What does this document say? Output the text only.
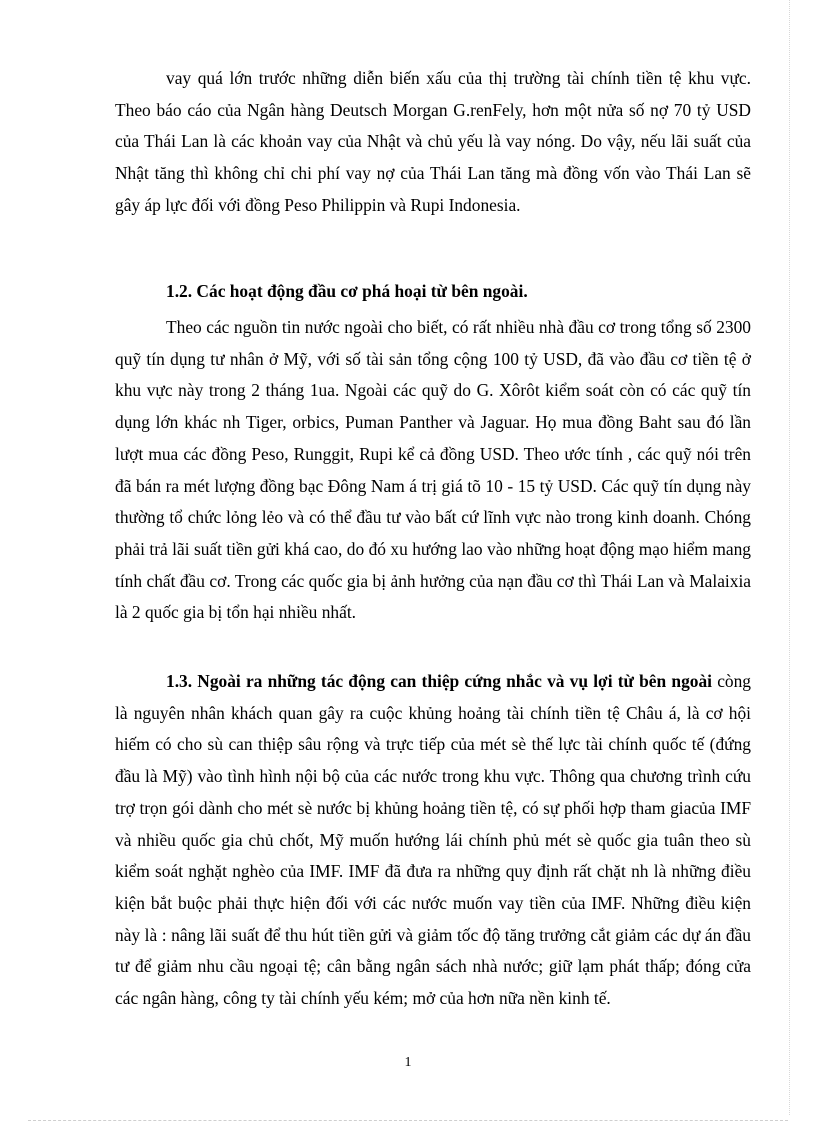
vay quá lớn trước những diễn biến xấu của thị trường tài chính tiền tệ khu vực. Theo báo cáo của Ngân hàng Deutsch Morgan G.renFely, hơn một nửa số nợ 70 tỷ USD của Thái Lan là các khoản vay của Nhật và chủ yếu là vay nóng. Do vậy, nếu lãi suất của Nhật tăng thì không chỉ chi phí vay nợ của Thái Lan tăng mà đồng vốn vào Thái Lan sẽ gây áp lực đối với đồng Peso Philippin và Rupi Indonesia.
1.2. Các hoạt động đầu cơ phá hoại từ bên ngoài.
Theo các nguồn tin nước ngoài cho biết, có rất nhiều nhà đầu cơ trong tổng số 2300 quỹ tín dụng tư nhân ở Mỹ, với số tài sản tổng cộng 100 tỷ USD, đã vào đầu cơ tiền tệ ở khu vực này trong 2 tháng 1ua. Ngoài các quỹ do G. Xôrôt kiểm soát còn có các quỹ tín dụng lớn khác nh Tiger, orbics, Puman Panther và Jaguar. Họ mua đồng Baht sau đó lần lượt mua các đồng Peso, Runggit, Rupi kể cả đồng USD. Theo ước tính , các quỹ nói trên đã bán ra mét lượng đồng bạc Đông Nam á trị giá tõ 10 - 15 tỷ USD. Các quỹ tín dụng này thường tổ chức lỏng lẻo và có thể đầu tư vào bất cứ lĩnh vực nào trong kinh doanh. Chóng phải trả lãi suất tiền gửi khá cao, do đó xu hướng lao vào những hoạt động mạo hiểm mang tính chất đầu cơ. Trong các quốc gia bị ảnh hưởng của nạn đầu cơ thì Thái Lan và Malaixia là 2 quốc gia bị tổn hại nhiều nhất.
1.3. Ngoài ra những tác động can thiệp cứng nhắc và vụ lợi từ bên ngoài còng là nguyên nhân khách quan gây ra cuộc khủng hoảng tài chính tiền tệ Châu á, là cơ hội hiếm có cho sù can thiệp sâu rộng và trực tiếp của mét sè thế lực tài chính quốc tế (đứng đầu là Mỹ) vào tình hình nội bộ của các nước trong khu vực. Thông qua chương trình cứu trợ trọn gói dành cho mét sè nước bị khủng hoảng tiền tệ, có sự phối hợp tham giacủa IMF và nhiều quốc gia chủ chốt, Mỹ muốn hướng lái chính phủ mét sè quốc gia tuân theo sù kiểm soát nghặt nghèo của IMF. IMF đã đưa ra những quy định rất chặt nh là những điều kiện bắt buộc phải thực hiện đối với các nước muốn vay tiền của IMF. Những điều kiện này là : nâng lãi suất để thu hút tiền gửi và giảm tốc độ tăng trưởng cắt giảm các dự án đầu tư để giảm nhu cầu ngoại tệ; cân bằng ngân sách nhà nước; giữ lạm phát thấp; đóng cửa các ngân hàng, công ty tài chính yếu kém; mở của hơn nữa nền kinh tế.
1
